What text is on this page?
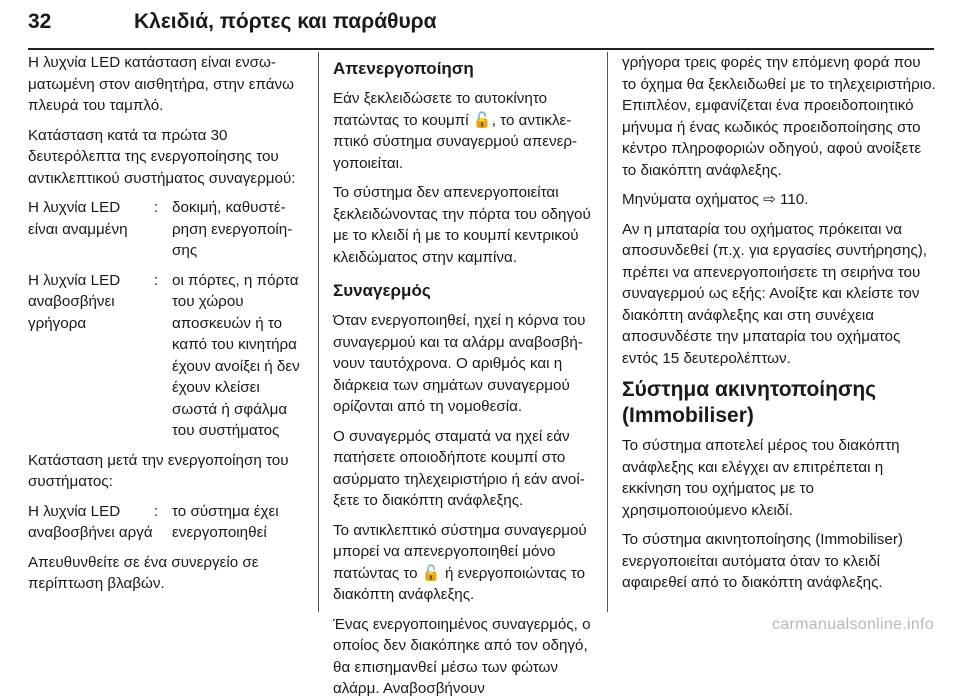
32	Κλειδιά, πόρτες και παράθυρα

Η λυχνία LED κατάσταση είναι ενσωματωμένη στον αισθητήρα, στην επάνω πλευρά του ταμπλό.

Κατάσταση κατά τα πρώτα 30 δευτερόλεπτα της ενεργοποίησης του αντικλεπτικού συστήματος συναγερμού:

Η λυχνία LED είναι αναμμένη
: δοκιμή, καθυστέρηση ενεργοποίησης
Η λυχνία LED αναβοσβήνει γρήγορα
: οι πόρτες, η πόρτα του χώρου αποσκευών ή το καπό του κινητήρα έχουν ανοίξει ή δεν έχουν κλείσει σωστά ή σφάλμα του συστήματος

Κατάσταση μετά την ενεργοποίηση του συστήματος:

Η λυχνία LED αναβοσβήνει αργά
: το σύστημα έχει ενεργοποιηθεί

Απευθυνθείτε σε ένα συνεργείο σε περίπτωση βλαβών.

Απενεργοποίηση

Εάν ξεκλειδώσετε το αυτοκίνητο πατώντας το κουμπί 🔓, το αντικλεπτικό σύστημα συναγερμού απενεργοποιείται.

Το σύστημα δεν απενεργοποιείται ξεκλειδώνοντας την πόρτα του οδηγού με το κλειδί ή με το κουμπί κεντρικού κλειδώματος στην καμπίνα.

Συναγερμός

Όταν ενεργοποιηθεί, ηχεί η κόρνα του συναγερμού και τα αλάρμ αναβοσβήνουν ταυτόχρονα. Ο αριθμός και η διάρκεια των σημάτων συναγερμού ορίζονται από τη νομοθεσία.

Ο συναγερμός σταματά να ηχεί εάν πατήσετε οποιοδήποτε κουμπί στο ασύρματο τηλεχειριστήριο ή εάν ανοίξετε το διακόπτη ανάφλεξης.

Το αντικλεπτικό σύστημα συναγερμού μπορεί να απενεργοποιηθεί μόνο πατώντας το 🔓 ή ενεργοποιώντας το διακόπτη ανάφλεξης.

Ένας ενεργοποιημένος συναγερμός, ο οποίος δεν διακόπηκε από τον οδηγό, θα επισημανθεί μέσω των φώτων αλάρμ. Αναβοσβήνουν

γρήγορα τρεις φορές την επόμενη φορά που το όχημα θα ξεκλειδωθεί με το τηλεχειριστήριο. Επιπλέον, εμφανίζεται ένα προειδοποιητικό μήνυμα ή ένας κωδικός προειδοποίησης στο κέντρο πληροφοριών οδηγού, αφού ανοίξετε το διακόπτη ανάφλεξης.

Μηνύματα οχήματος ⇨ 110.

Αν η μπαταρία του οχήματος πρόκειται να αποσυνδεθεί (π.χ. για εργασίες συντήρησης), πρέπει να απενεργοποιήσετε τη σειρήνα του συναγερμού ως εξής: Ανοίξτε και κλείστε τον διακόπτη ανάφλεξης και στη συνέχεια αποσυνδέστε την μπαταρία του οχήματος εντός 15 δευτερολέπτων.

Σύστημα ακινητοποίησης (Immobiliser)

Το σύστημα αποτελεί μέρος του διακόπτη ανάφλεξης και ελέγχει αν επιτρέπεται η εκκίνηση του οχήματος με το χρησιμοποιούμενο κλειδί.

Το σύστημα ακινητοποίησης (Immobiliser) ενεργοποιείται αυτόματα όταν το κλειδί αφαιρεθεί από το διακόπτη ανάφλεξης.

carmanualsonline.info
